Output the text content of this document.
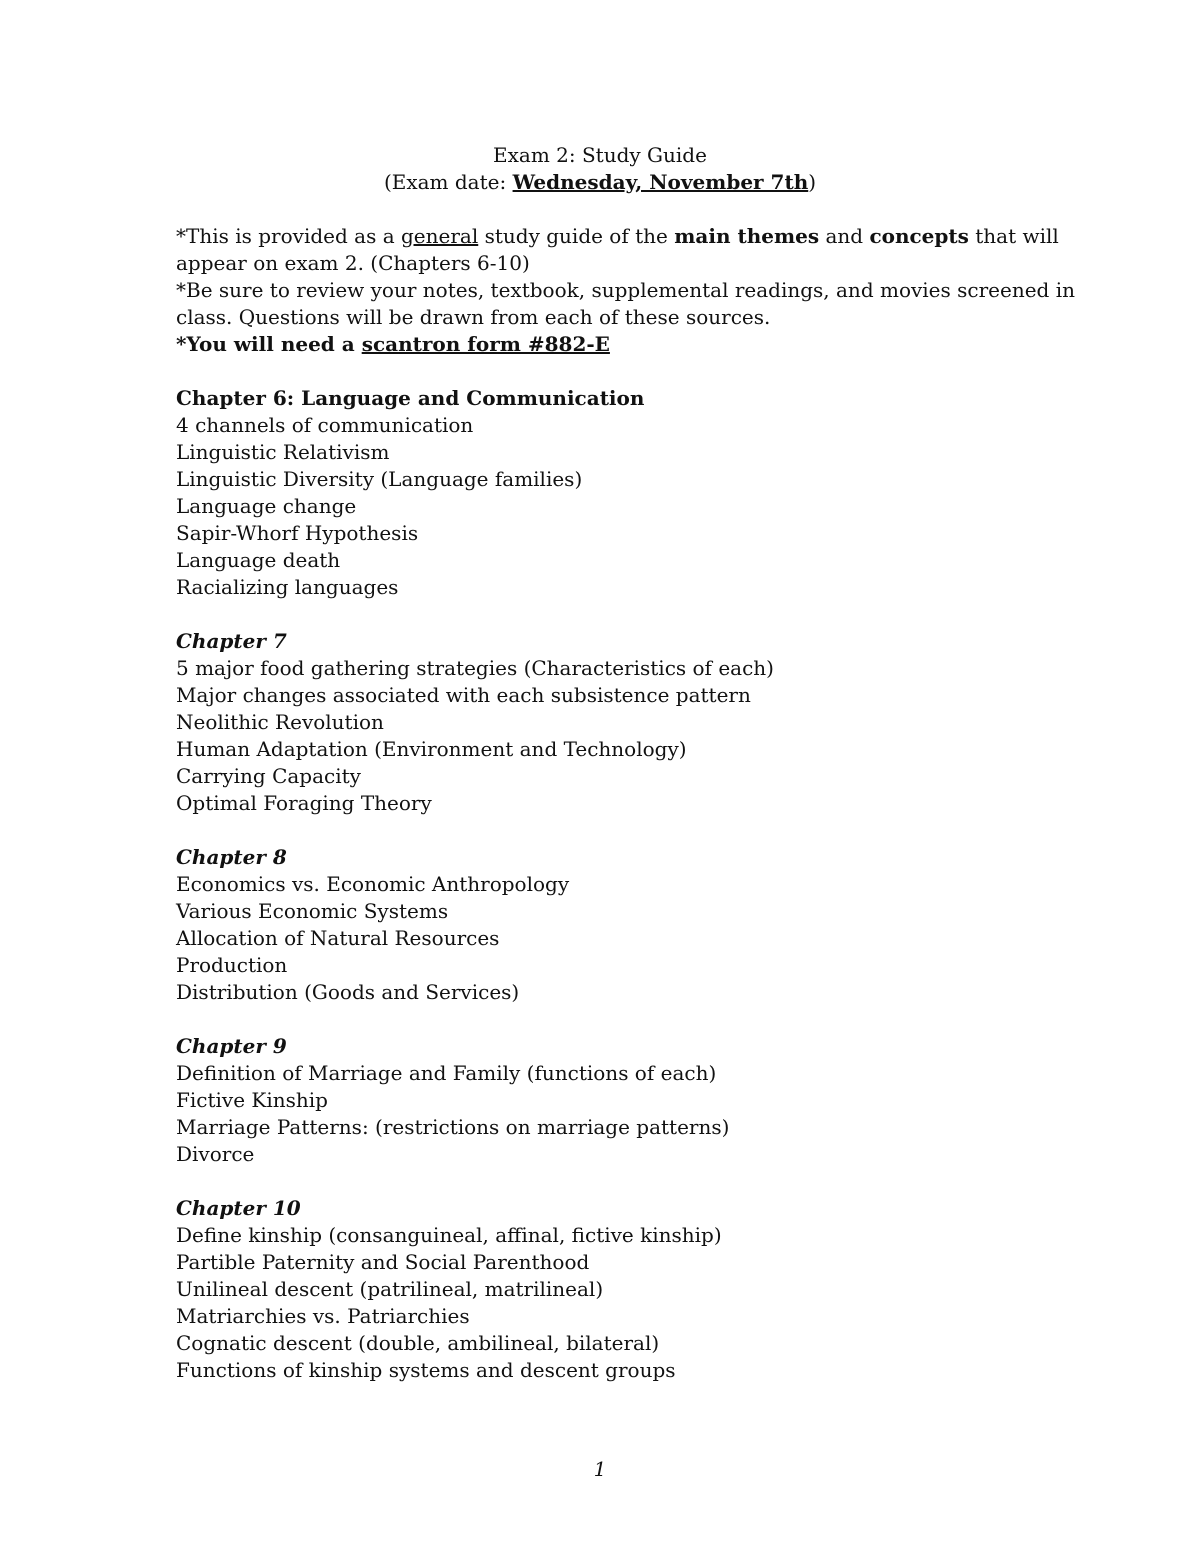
Exam 2: Study Guide
(Exam date: Wednesday, November 7th)
*This is provided as a general study guide of the main themes and concepts that will
appear on exam 2. (Chapters 6-10)
*Be sure to review your notes, textbook, supplemental readings, and movies screened in
class. Questions will be drawn from each of these sources.
*You will need a scantron form #882-E
Chapter 6: Language and Communication
4 channels of communication
Linguistic Relativism
Linguistic Diversity (Language families)
Language change
Sapir-Whorf Hypothesis
Language death
Racializing languages
Chapter 7
5 major food gathering strategies (Characteristics of each)
Major changes associated with each subsistence pattern
Neolithic Revolution
Human Adaptation (Environment and Technology)
Carrying Capacity
Optimal Foraging Theory
Chapter 8
Economics vs. Economic Anthropology
Various Economic Systems
Allocation of Natural Resources
Production
Distribution (Goods and Services)
Chapter 9
Definition of Marriage and Family (functions of each)
Fictive Kinship
Marriage Patterns: (restrictions on marriage patterns)
Divorce
Chapter 10
Define kinship (consanguineal, affinal, fictive kinship)
Partible Paternity and Social Parenthood
Unilineal descent (patrilineal, matrilineal)
Matriarchies vs. Patriarchies
Cognatic descent (double, ambilineal, bilateral)
Functions of kinship systems and descent groups
1
